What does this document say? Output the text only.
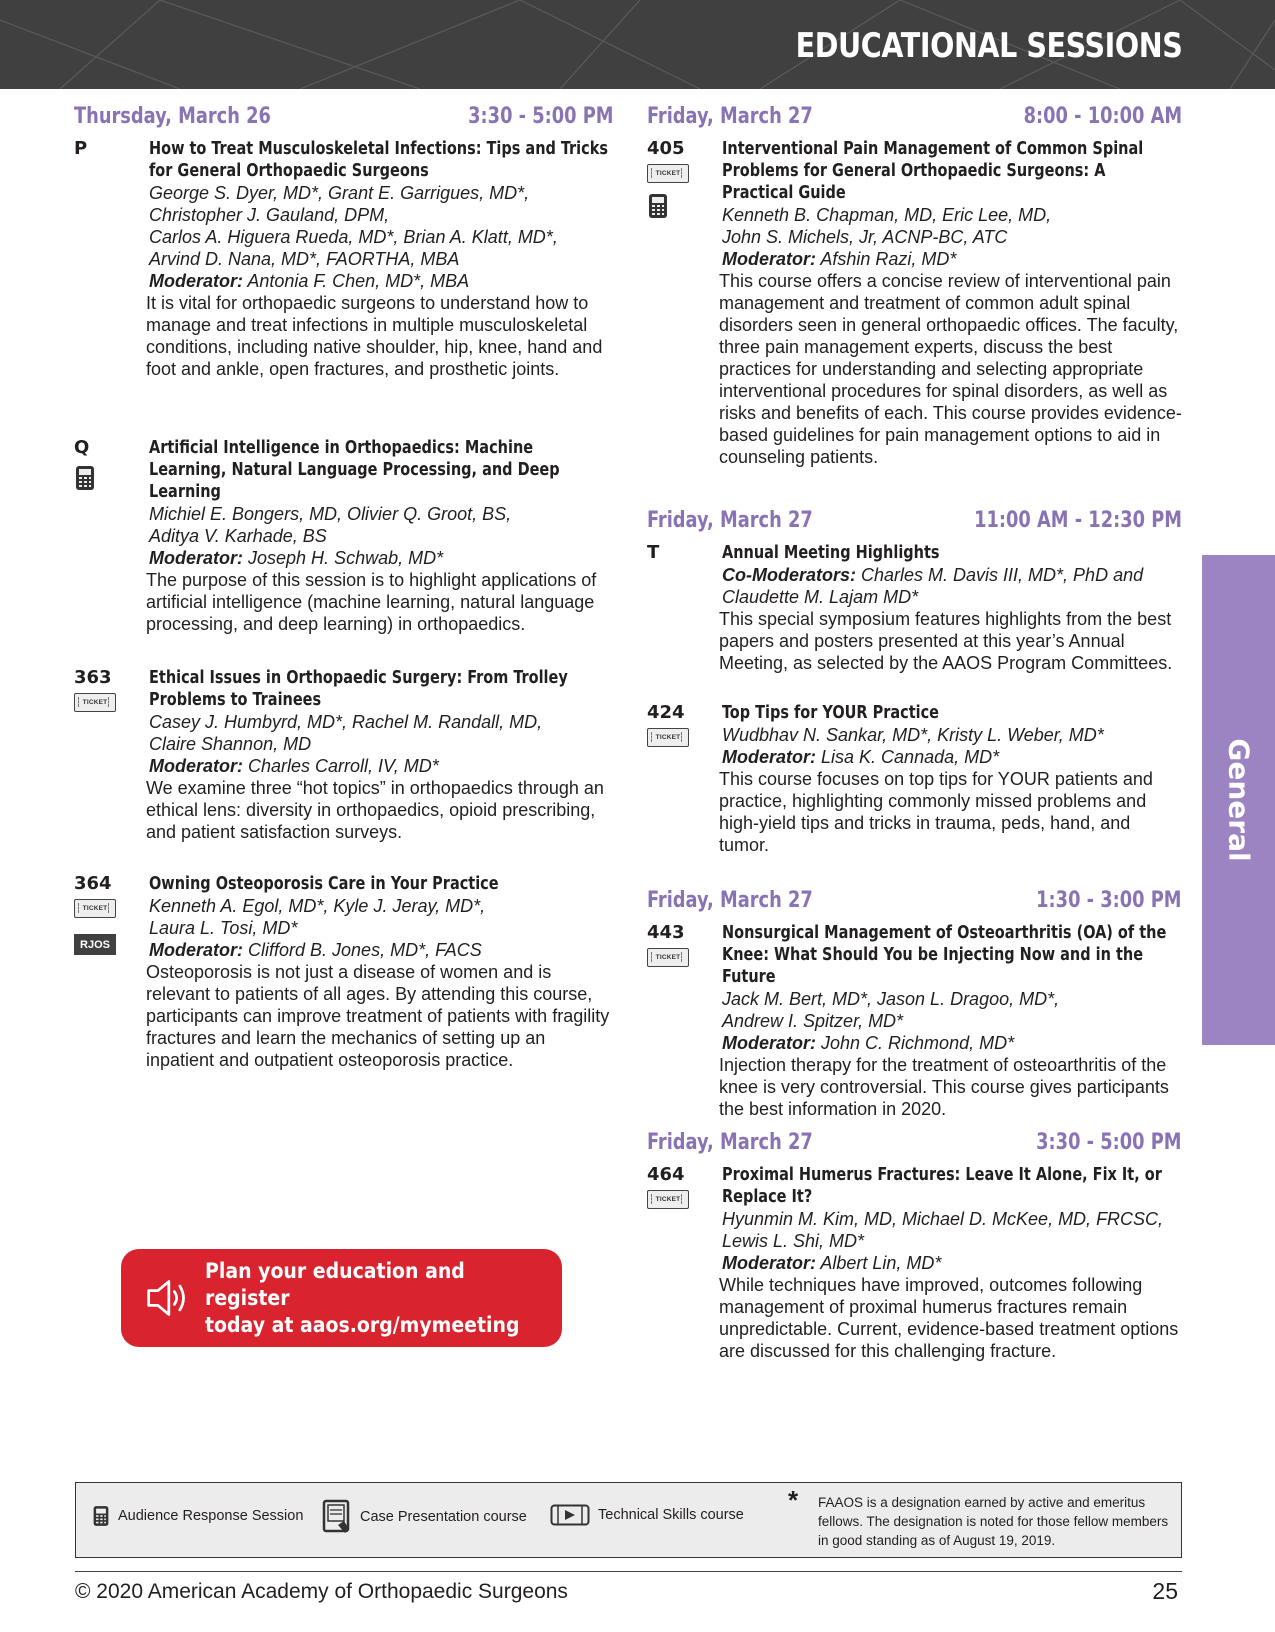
EDUCATIONAL SESSIONS
Thursday, March 26	3:30 - 5:00 PM
P	How to Treat Musculoskeletal Infections: Tips and Tricks for General Orthopaedic Surgeons
George S. Dyer, MD*, Grant E. Garrigues, MD*,
Christopher J. Gauland, DPM,
Carlos A. Higuera Rueda, MD*, Brian A. Klatt, MD*,
Arvind D. Nana, MD*, FAORTHA, MBA
Moderator: Antonia F. Chen, MD*, MBA
It is vital for orthopaedic surgeons to understand how to manage and treat infections in multiple musculoskeletal conditions, including native shoulder, hip, knee, hand and foot and ankle, open fractures, and prosthetic joints.
Q	Artificial Intelligence in Orthopaedics: Machine Learning, Natural Language Processing, and Deep Learning
Michiel E. Bongers, MD, Olivier Q. Groot, BS,
Aditya V. Karhade, BS
Moderator: Joseph H. Schwab, MD*
The purpose of this session is to highlight applications of artificial intelligence (machine learning, natural language processing, and deep learning) in orthopaedics.
363
TICKET
Ethical Issues in Orthopaedic Surgery: From Trolley Problems to Trainees
Casey J. Humbyrd, MD*, Rachel M. Randall, MD,
Claire Shannon, MD
Moderator: Charles Carroll, IV, MD*
We examine three “hot topics” in orthopaedics through an ethical lens: diversity in orthopaedics, opioid prescribing, and patient satisfaction surveys.
364
TICKET
RJOS
Owning Osteoporosis Care in Your Practice
Kenneth A. Egol, MD*, Kyle J. Jeray, MD*,
Laura L. Tosi, MD*
Moderator: Clifford B. Jones, MD*, FACS
Osteoporosis is not just a disease of women and is relevant to patients of all ages. By attending this course, participants can improve treatment of patients with fragility fractures and learn the mechanics of setting up an inpatient and outpatient osteoporosis practice.
Friday, March 27	8:00 - 10:00 AM
405
TICKET
Interventional Pain Management of Common Spinal Problems for General Orthopaedic Surgeons: A Practical Guide
Kenneth B. Chapman, MD, Eric Lee, MD,
John S. Michels, Jr, ACNP-BC, ATC
Moderator: Afshin Razi, MD*
This course offers a concise review of interventional pain management and treatment of common adult spinal disorders seen in general orthopaedic offices. The faculty, three pain management experts, discuss the best practices for understanding and selecting appropriate interventional procedures for spinal disorders, as well as risks and benefits of each. This course provides evidence-based guidelines for pain management options to aid in counseling patients.
Friday, March 27	11:00 AM - 12:30 PM
T	Annual Meeting Highlights
Co-Moderators: Charles M. Davis III, MD*, PhD and Claudette M. Lajam MD*
This special symposium features highlights from the best papers and posters presented at this year’s Annual Meeting, as selected by the AAOS Program Committees.
424
TICKET
Top Tips for YOUR Practice
Wudbhav N. Sankar, MD*, Kristy L. Weber, MD*
Moderator: Lisa K. Cannada, MD*
This course focuses on top tips for YOUR patients and practice, highlighting commonly missed problems and high-yield tips and tricks in trauma, peds, hand, and tumor.
Friday, March 27	1:30 - 3:00 PM
443
TICKET
Nonsurgical Management of Osteoarthritis (OA) of the Knee: What Should You be Injecting Now and in the Future
Jack M. Bert, MD*, Jason L. Dragoo, MD*,
Andrew I. Spitzer, MD*
Moderator: John C. Richmond, MD*
Injection therapy for the treatment of osteoarthritis of the knee is very controversial. This course gives participants the best information in 2020.
Friday, March 27	3:30 - 5:00 PM
464
TICKET
Proximal Humerus Fractures: Leave It Alone, Fix It, or Replace It?
Hyunmin M. Kim, MD, Michael D. McKee, MD, FRCSC,
Lewis L. Shi, MD*
Moderator: Albert Lin, MD*
While techniques have improved, outcomes following management of proximal humerus fractures remain unpredictable. Current, evidence-based treatment options are discussed for this challenging fracture.
General
Plan your education and register
today at aaos.org/mymeeting
Audience Response Session	Case Presentation course	Technical Skills course * FAAOS is a designation earned by active and emeritus fellows. The designation is noted for those fellow members in good standing as of August 19, 2019.
© 2020 American Academy of Orthopaedic Surgeons	25
